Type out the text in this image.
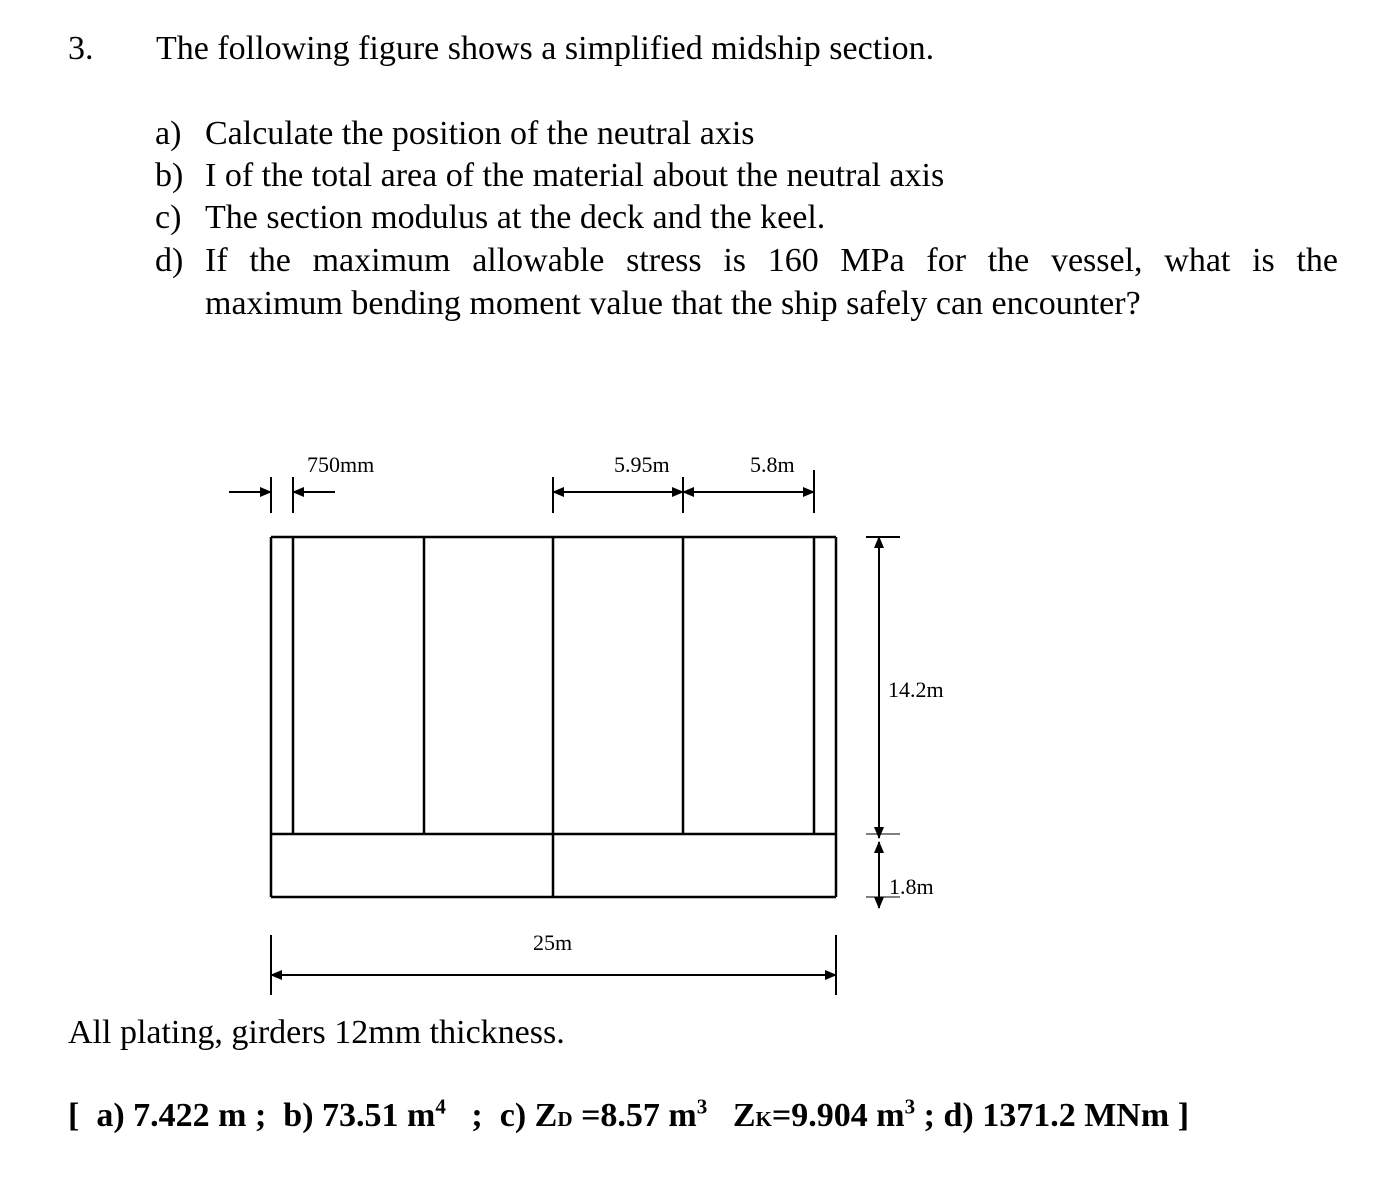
3. The following figure shows a simplified midship section.
a) Calculate the position of the neutral axis
b) I of the total area of the material about the neutral axis
c) The section modulus at the deck and the keel.
d) If the maximum allowable stress is 160 MPa for the vessel, what is the
maximum bending moment value that the ship safely can encounter?
750mm	5.95m	5.8m
14.2m
1.8m
25m
All plating, girders 12mm thickness.
[ a) 7.422 m ; b) 73.51 $m^4$ ; c) ZD =8.57 $m^3$ ZK=9.904 $m^3$ ; d) 1371.2 MNm ]
